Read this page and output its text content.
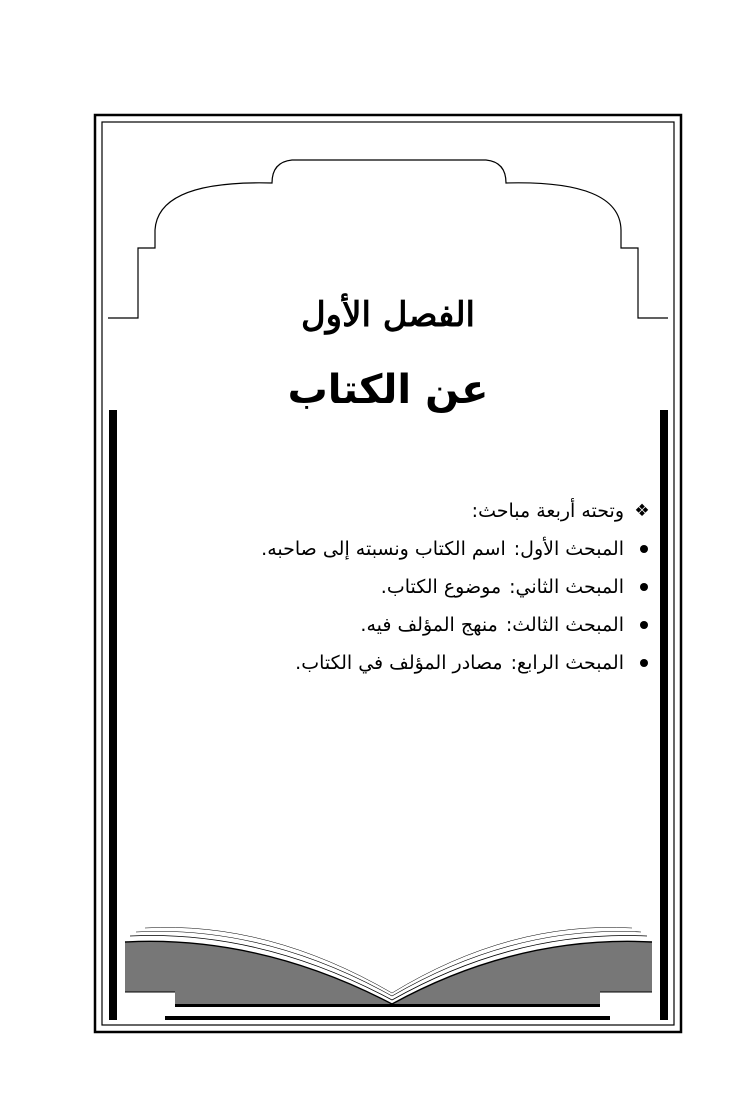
الفصل الأول
عن الكتاب

❖
وتحته أربعة مباحث:

المبحث الأول:
اسم الكتاب ونسبته إلى صاحبه.
المبحث الثاني:
موضوع الكتاب.
المبحث الثالث:
منهج المؤلف فيه.
المبحث الرابع:
مصادر المؤلف في الكتاب.
